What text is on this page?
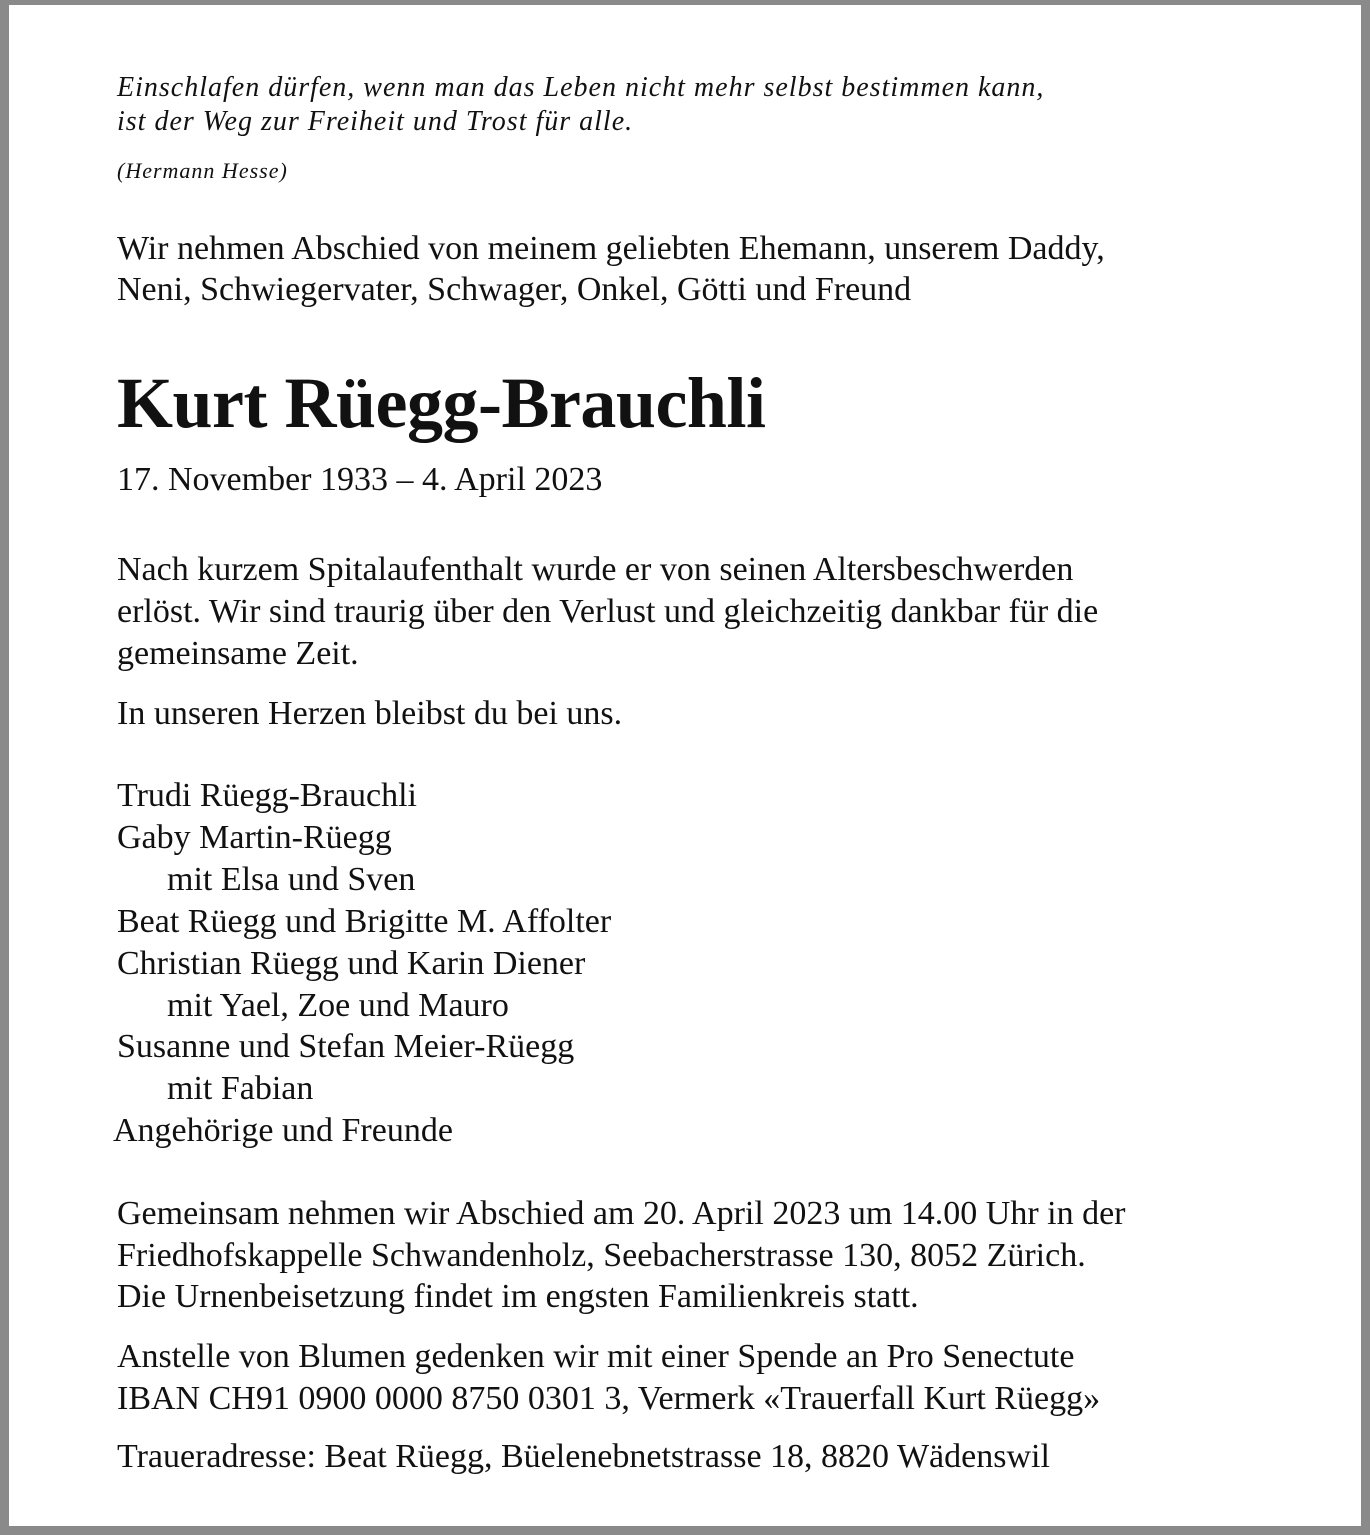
Einschlafen dürfen, wenn man das Leben nicht mehr selbst bestimmen kann,
ist der Weg zur Freiheit und Trost für alle.
(Hermann Hesse)
Wir nehmen Abschied von meinem geliebten Ehemann, unserem Daddy,
Neni, Schwiegervater, Schwager, Onkel, Götti und Freund
Kurt Rüegg-Brauchli
17. November 1933 – 4. April 2023
Nach kurzem Spitalaufenthalt wurde er von seinen Altersbeschwerden
erlöst. Wir sind traurig über den Verlust und gleichzeitig dankbar für die
gemeinsame Zeit.
In unseren Herzen bleibst du bei uns.
Trudi Rüegg-Brauchli
Gaby Martin-Rüegg
mit Elsa und Sven
Beat Rüegg und Brigitte M. Affolter
Christian Rüegg und Karin Diener
mit Yael, Zoe und Mauro
Susanne und Stefan Meier-Rüegg
mit Fabian
Angehörige und Freunde
Gemeinsam nehmen wir Abschied am 20. April 2023 um 14.00 Uhr in der
Friedhofskappelle Schwandenholz, Seebacherstrasse 130, 8052 Zürich.
Die Urnenbeisetzung findet im engsten Familienkreis statt.
Anstelle von Blumen gedenken wir mit einer Spende an Pro Senectute
IBAN CH91 0900 0000 8750 0301 3, Vermerk «Trauerfall Kurt Rüegg»
Traueradresse: Beat Rüegg, Büelenebnetstrasse 18, 8820 Wädenswil
